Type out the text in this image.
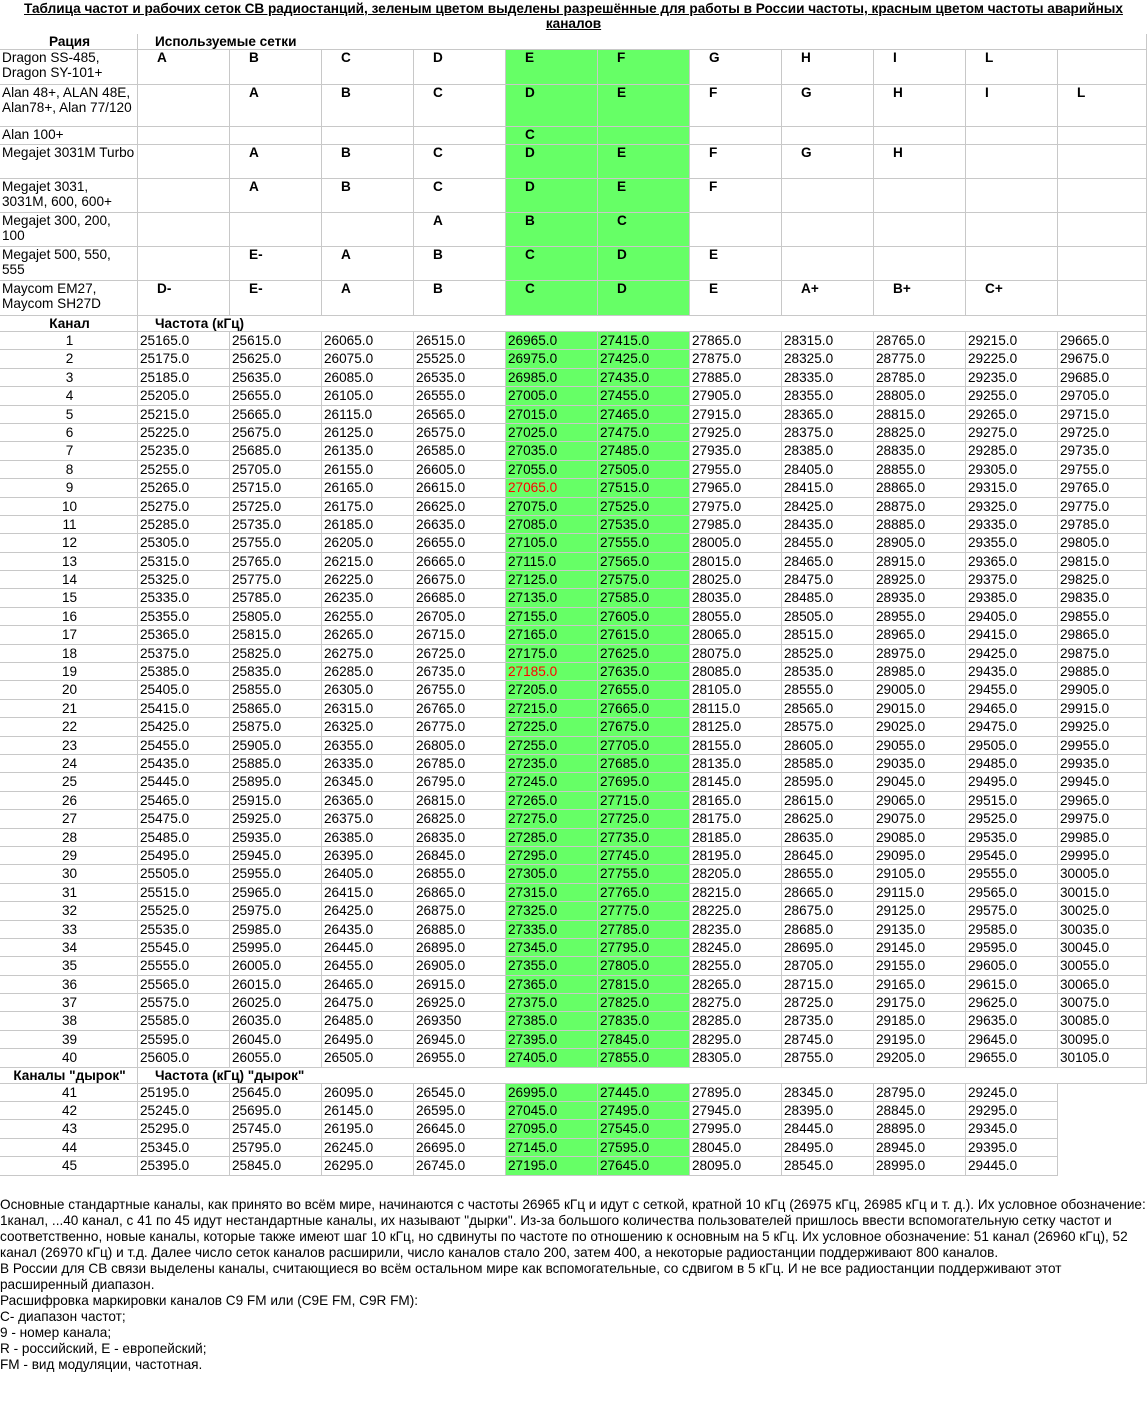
Таблица частот и рабочих сеток СВ радиостанций, зеленым цветом выделены разрешённые для работы в России частоты, красным цветом частоты аварийных каналов
Рация	Используемые сетки										
Dragon SS-485, Dragon SY-101+	A	B	C	D	E	F	G	H	I	L	
Alan 48+, ALAN 48E, Alan78+, Alan 77/120		A	B	C	D	E	F	G	H	I	L
Alan 100+					C						
Megajet 3031M Turbo		A	B	C	D	E	F	G	H		
Megajet 3031, 3031M, 600, 600+		A	B	C	D	E	F				
Megajet 300, 200, 100				A	B	C					
Megajet 500, 550, 555		E-	A	B	C	D	E				
Maycom EM27, Maycom SH27D	D-	E-	A	B	C	D	E	A+	B+	C+	
Канал	Частота (кГц)										
1	25165.0	25615.0	26065.0	26515.0	26965.0	27415.0	27865.0	28315.0	28765.0	29215.0	29665.0
2	25175.0	25625.0	26075.0	25525.0	26975.0	27425.0	27875.0	28325.0	28775.0	29225.0	29675.0
3	25185.0	25635.0	26085.0	26535.0	26985.0	27435.0	27885.0	28335.0	28785.0	29235.0	29685.0
4	25205.0	25655.0	26105.0	26555.0	27005.0	27455.0	27905.0	28355.0	28805.0	29255.0	29705.0
5	25215.0	25665.0	26115.0	26565.0	27015.0	27465.0	27915.0	28365.0	28815.0	29265.0	29715.0
6	25225.0	25675.0	26125.0	26575.0	27025.0	27475.0	27925.0	28375.0	28825.0	29275.0	29725.0
7	25235.0	25685.0	26135.0	26585.0	27035.0	27485.0	27935.0	28385.0	28835.0	29285.0	29735.0
8	25255.0	25705.0	26155.0	26605.0	27055.0	27505.0	27955.0	28405.0	28855.0	29305.0	29755.0
9	25265.0	25715.0	26165.0	26615.0	27065.0	27515.0	27965.0	28415.0	28865.0	29315.0	29765.0
10	25275.0	25725.0	26175.0	26625.0	27075.0	27525.0	27975.0	28425.0	28875.0	29325.0	29775.0
11	25285.0	25735.0	26185.0	26635.0	27085.0	27535.0	27985.0	28435.0	28885.0	29335.0	29785.0
12	25305.0	25755.0	26205.0	26655.0	27105.0	27555.0	28005.0	28455.0	28905.0	29355.0	29805.0
13	25315.0	25765.0	26215.0	26665.0	27115.0	27565.0	28015.0	28465.0	28915.0	29365.0	29815.0
14	25325.0	25775.0	26225.0	26675.0	27125.0	27575.0	28025.0	28475.0	28925.0	29375.0	29825.0
15	25335.0	25785.0	26235.0	26685.0	27135.0	27585.0	28035.0	28485.0	28935.0	29385.0	29835.0
16	25355.0	25805.0	26255.0	26705.0	27155.0	27605.0	28055.0	28505.0	28955.0	29405.0	29855.0
17	25365.0	25815.0	26265.0	26715.0	27165.0	27615.0	28065.0	28515.0	28965.0	29415.0	29865.0
18	25375.0	25825.0	26275.0	26725.0	27175.0	27625.0	28075.0	28525.0	28975.0	29425.0	29875.0
19	25385.0	25835.0	26285.0	26735.0	27185.0	27635.0	28085.0	28535.0	28985.0	29435.0	29885.0
20	25405.0	25855.0	26305.0	26755.0	27205.0	27655.0	28105.0	28555.0	29005.0	29455.0	29905.0
21	25415.0	25865.0	26315.0	26765.0	27215.0	27665.0	28115.0	28565.0	29015.0	29465.0	29915.0
22	25425.0	25875.0	26325.0	26775.0	27225.0	27675.0	28125.0	28575.0	29025.0	29475.0	29925.0
23	25455.0	25905.0	26355.0	26805.0	27255.0	27705.0	28155.0	28605.0	29055.0	29505.0	29955.0
24	25435.0	25885.0	26335.0	26785.0	27235.0	27685.0	28135.0	28585.0	29035.0	29485.0	29935.0
25	25445.0	25895.0	26345.0	26795.0	27245.0	27695.0	28145.0	28595.0	29045.0	29495.0	29945.0
26	25465.0	25915.0	26365.0	26815.0	27265.0	27715.0	28165.0	28615.0	29065.0	29515.0	29965.0
27	25475.0	25925.0	26375.0	26825.0	27275.0	27725.0	28175.0	28625.0	29075.0	29525.0	29975.0
28	25485.0	25935.0	26385.0	26835.0	27285.0	27735.0	28185.0	28635.0	29085.0	29535.0	29985.0
29	25495.0	25945.0	26395.0	26845.0	27295.0	27745.0	28195.0	28645.0	29095.0	29545.0	29995.0
30	25505.0	25955.0	26405.0	26855.0	27305.0	27755.0	28205.0	28655.0	29105.0	29555.0	30005.0
31	25515.0	25965.0	26415.0	26865.0	27315.0	27765.0	28215.0	28665.0	29115.0	29565.0	30015.0
32	25525.0	25975.0	26425.0	26875.0	27325.0	27775.0	28225.0	28675.0	29125.0	29575.0	30025.0
33	25535.0	25985.0	26435.0	26885.0	27335.0	27785.0	28235.0	28685.0	29135.0	29585.0	30035.0
34	25545.0	25995.0	26445.0	26895.0	27345.0	27795.0	28245.0	28695.0	29145.0	29595.0	30045.0
35	25555.0	26005.0	26455.0	26905.0	27355.0	27805.0	28255.0	28705.0	29155.0	29605.0	30055.0
36	25565.0	26015.0	26465.0	26915.0	27365.0	27815.0	28265.0	28715.0	29165.0	29615.0	30065.0
37	25575.0	26025.0	26475.0	26925.0	27375.0	27825.0	28275.0	28725.0	29175.0	29625.0	30075.0
38	25585.0	26035.0	26485.0	269350	27385.0	27835.0	28285.0	28735.0	29185.0	29635.0	30085.0
39	25595.0	26045.0	26495.0	26945.0	27395.0	27845.0	28295.0	28745.0	29195.0	29645.0	30095.0
40	25605.0	26055.0	26505.0	26955.0	27405.0	27855.0	28305.0	28755.0	29205.0	29655.0	30105.0
Каналы "дырок"	Частота (кГц) "дырок"										
41	25195.0	25645.0	26095.0	26545.0	26995.0	27445.0	27895.0	28345.0	28795.0	29245.0	
42	25245.0	25695.0	26145.0	26595.0	27045.0	27495.0	27945.0	28395.0	28845.0	29295.0	
43	25295.0	25745.0	26195.0	26645.0	27095.0	27545.0	27995.0	28445.0	28895.0	29345.0	
44	25345.0	25795.0	26245.0	26695.0	27145.0	27595.0	28045.0	28495.0	28945.0	29395.0	
45	25395.0	25845.0	26295.0	26745.0	27195.0	27645.0	28095.0	28545.0	28995.0	29445.0	

Основные стандартные каналы, как принято во всём мире, начинаются с частоты 26965 кГц и идут с сеткой, кратной 10 кГц (26975 кГц, 26985 кГц и т. д.). Их условное обозначение: 1канал, ...40 канал, с 41 по 45 идут нестандартные каналы, их называют "дырки". Из-за большого количества пользователей пришлось ввести вспомогательную сетку частот и соответственно, новые каналы, которые также имеют шаг 10 кГц, но сдвинуты по частоте по отношению к основным на 5 кГц. Их условное обозначение: 51 канал (26960 кГц), 52 канал (26970 кГц) и т.д. Далее число сеток каналов расширили, число каналов стало 200, затем 400, а некоторые радиостанции поддерживают 800 каналов.

В России для СВ связи выделены каналы, считающиеся во всём остальном мире как вспомогательные, со сдвигом в 5 кГц. И не все радиостанции поддерживают этот расширенный диапазон.

Расшифровка маркировки каналов С9 FM или (C9E FM, C9R FM):

С- диапазон частот;

9 - номер канала;

R - российский, E - европейский;

FM - вид модуляции, частотная.
